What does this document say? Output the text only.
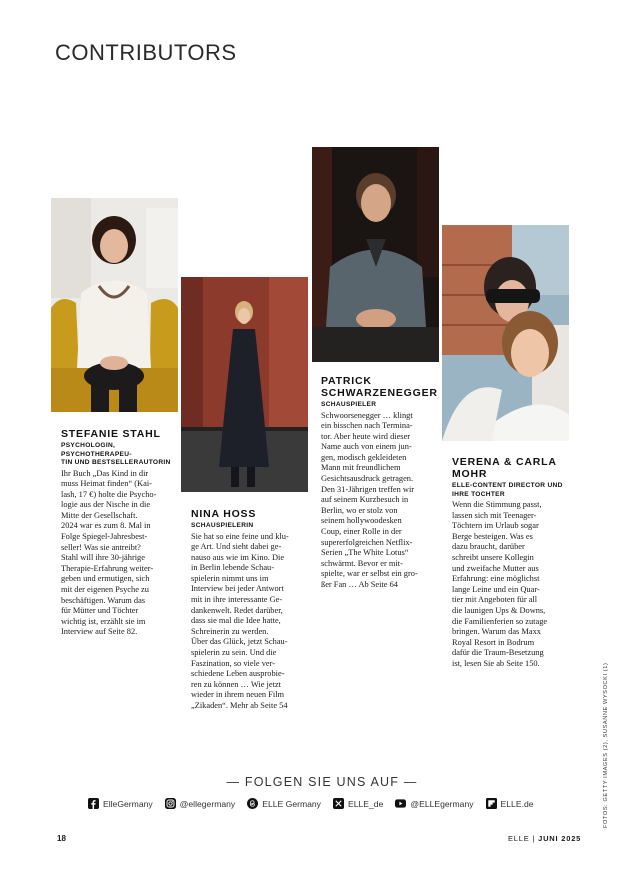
CONTRIBUTORS
STEFANIE STAHL
PSYCHOLOGIN, PSYCHOTHERAPEU-
TIN UND BESTSELLERAUTORIN
Ihr Buch „Das Kind in dir
muss Heimat finden“ (Kai-
lash, 17 €) holte die Psycho-
logie aus der Nische in die
Mitte der Gesellschaft.
2024 war es zum 8. Mal in
Folge Spiegel-Jahresbest-
seller! Was sie antreibt?
Stahl will ihre 30-jährige
Therapie-Erfahrung weiter-
geben und ermutigen, sich
mit der eigenen Psyche zu
beschäftigen. Warum das
für Mütter und Töchter
wichtig ist, erzählt sie im
Interview auf Seite 82.
NINA HOSS
SCHAUSPIELERIN
Sie hat so eine feine und klu-
ge Art. Und sieht dabei ge-
nauso aus wie im Kino. Die
in Berlin lebende Schau-
spielerin nimmt uns im
Interview bei jeder Antwort
mit in ihre interessante Ge-
dankenwelt. Redet darüber,
dass sie mal die Idee hatte,
Schreinerin zu werden.
Über das Glück, jetzt Schau-
spielerin zu sein. Und die
Faszination, so viele ver-
schiedene Leben ausprobie-
ren zu können … Wie jetzt
wieder in ihrem neuen Film
„Zikaden“. Mehr ab Seite 54
PATRICK
SCHWARZENEGGER
SCHAUSPIELER
Schwoorsenegger … klingt
ein bisschen nach Termina-
tor. Aber heute wird dieser
Name auch von einem jun-
gen, modisch gekleideten
Mann mit freundlichem
Gesichtsausdruck getragen.
Den 31-Jährigen treffen wir
auf seinem Kurzbesuch in
Berlin, wo er stolz von
seinem hollywoodesken
Coup, einer Rolle in der
supererfolgreichen Netflix-
Serien „The White Lotus“
schwärmt. Bevor er mit-
spielte, war er selbst ein gro-
ßer Fan … Ab Seite 64
VERENA & CARLA MOHR
ELLE-CONTENT DIRECTOR UND
IHRE TOCHTER
Wenn die Stimmung passt,
lassen sich mit Teenager-
Töchtern im Urlaub sogar
Berge besteigen. Was es
dazu braucht, darüber
schreibt unsere Kollegin
und zweifache Mutter aus
Erfahrung: eine möglichst
lange Leine und ein Quar-
tier mit Angeboten für all
die launigen Ups & Downs,
die Familienferien so zutage
bringen. Warum das Maxx
Royal Resort in Bodrum
dafür die Traum-Besetzung
ist, lesen Sie ab Seite 150.	FOTOS: GETTY IMAGES (2), SUSANNE WYSOCKI (1)
— FOLGEN SIE UNS AUF —
ElleGermany	@ellegermany	ELLE Germany	ELLE_de	@ELLEgermany	ELLE.de
18	ELLE | JUNI 2025
